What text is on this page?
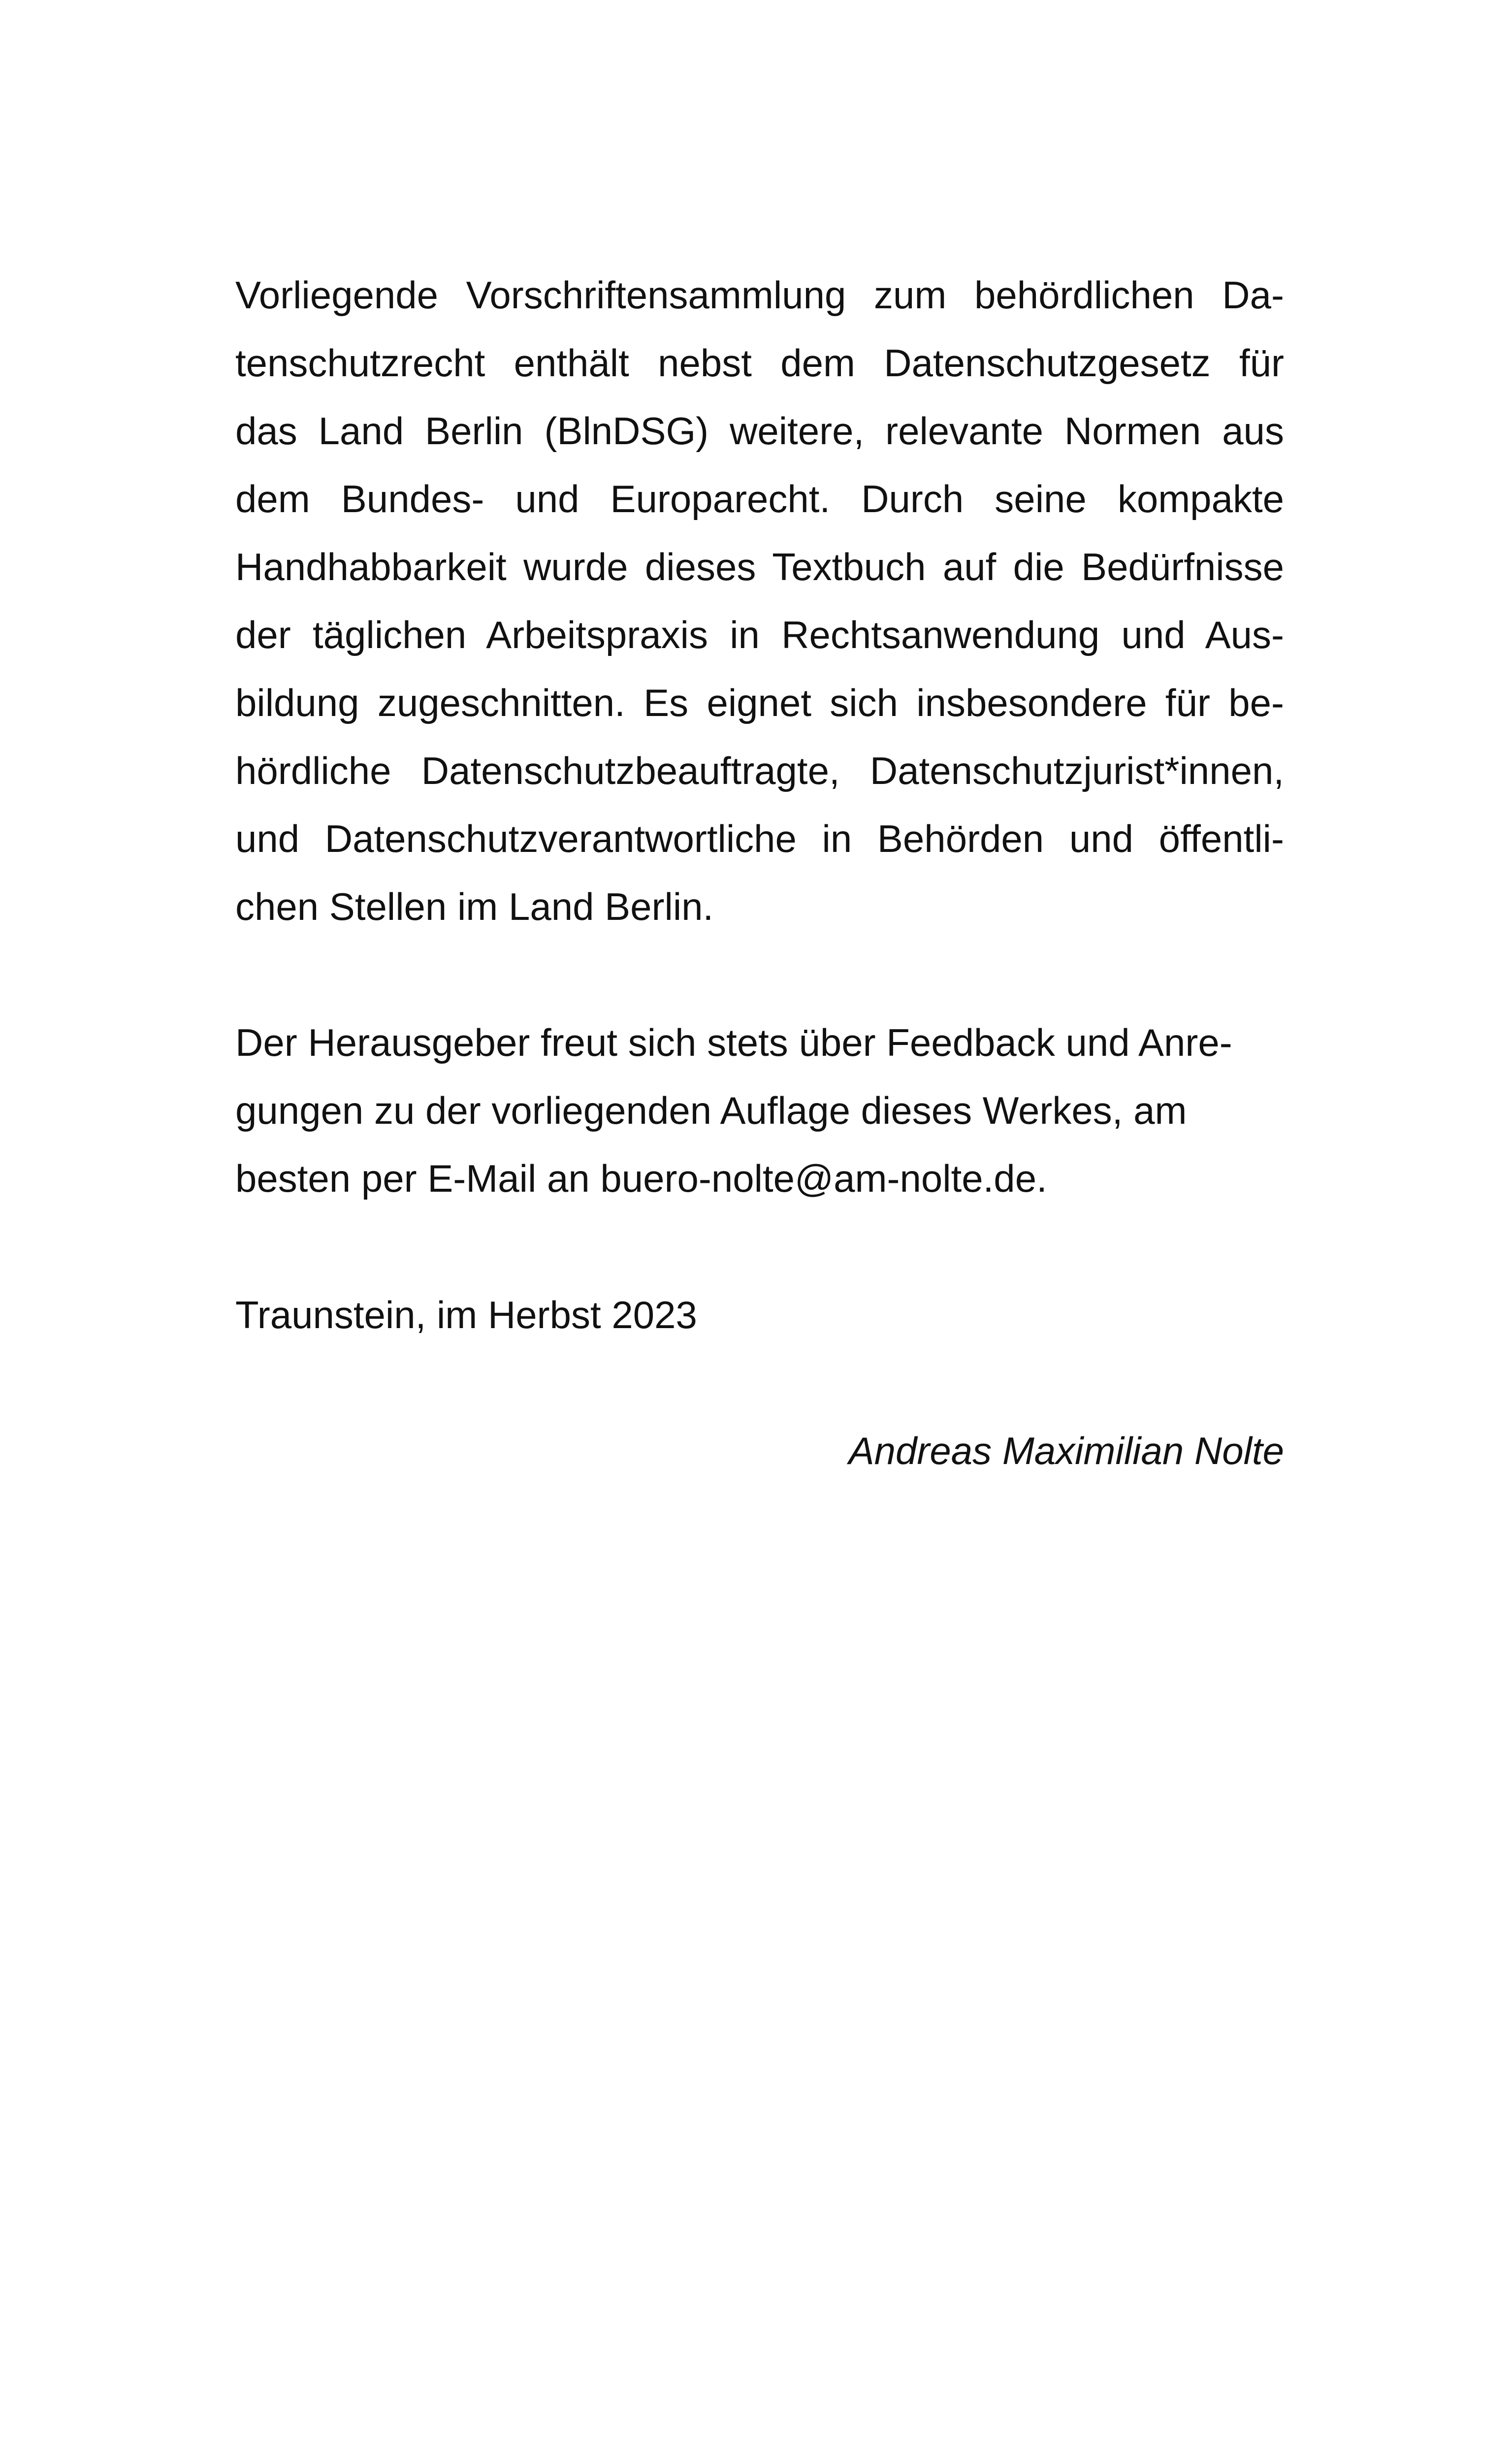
Vorliegende Vorschriftensammlung zum behördlichen Da-
tenschutzrecht enthält nebst dem Datenschutzgesetz für
das Land Berlin (BlnDSG) weitere, relevante Normen aus
dem Bundes- und Europarecht. Durch seine kompakte
Handhabbarkeit wurde dieses Textbuch auf die Bedürfnisse
der täglichen Arbeitspraxis in Rechtsanwendung und Aus-
bildung zugeschnitten. Es eignet sich insbesondere für be-
hördliche Datenschutzbeauftragte, Datenschutzjurist*innen,
und Datenschutzverantwortliche in Behörden und öffentli-
chen Stellen im Land Berlin.
Der Herausgeber freut sich stets über Feedback und Anre-
gungen zu der vorliegenden Auflage dieses Werkes, am
besten per E-Mail an buero-nolte@am-nolte.de.
Traunstein, im Herbst 2023
Andreas Maximilian Nolte
